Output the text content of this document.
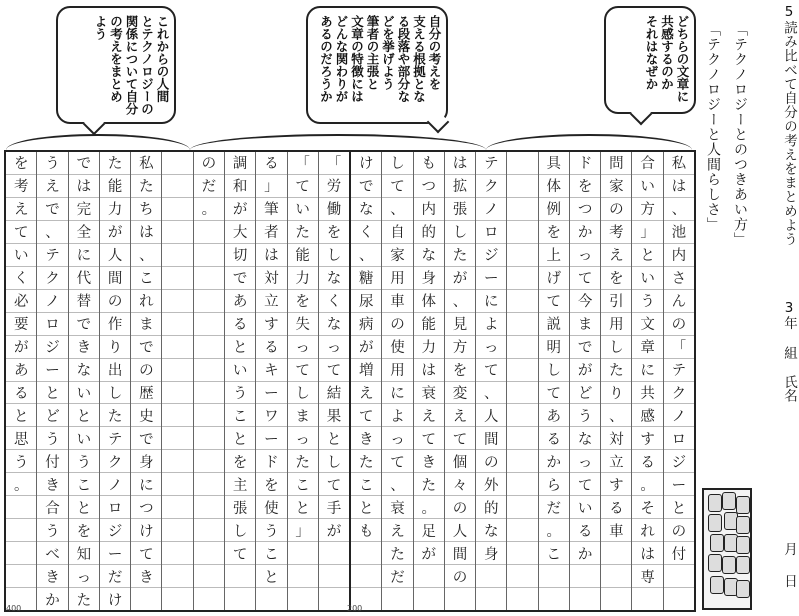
5読み比べて自分の考えをまとめよう
3年
組
氏名
月
日
「テクノロジーとのつきあい方」
「テクノロジーと人間らしさ」
どちらの文章に
共感するのか
それはなぜか
自分の考えを
支える根拠とな
る段落や部分な
どを挙げよう
筆者の主張と
文章の特徴には
どんな関わりが
あるのだろうか
これからの人間
とテクノロジーの
関係について自分
の考えをまとめ
よう
私
は
、
池
内
さ
ん
の
「
テ
ク
ノ
ロ
ジ
ー
と
の
付
合
い
方
」
と
い
う
文
章
に
共
感
す
る
。
そ
れ
は
専
問
家
の
考
え
を
引
用
し
た
り
、
対
立
す
る
車
ド
を
つ
か
っ
て
今
ま
で
が
ど
う
な
っ
て
い
る
か
具
体
例
を
上
げ
て
説
明
し
て
あ
る
か
ら
だ
。
こ
テ
ク
ノ
ロ
ジ
ー
に
よ
っ
て
、
人
間
の
外
的
な
身
は
拡
張
し
た
が
、
見
方
を
変
え
て
個
々
の
人
間
の
も
つ
内
的
な
身
体
能
力
は
衰
え
て
き
た
。
足
が
し
て
、
自
家
用
車
の
使
用
に
よ
っ
て
、
衰
え
た
だ
け
で
な
く
、
糖
尿
病
が
増
え
て
き
た
こ
と
も
「
労
働
を
し
な
く
な
っ
て
結
果
と
し
て
手
が
「
て
い
た
能
力
を
失
っ
て
し
ま
っ
た
こ
と
」
る
」
筆
者
は
対
立
す
る
キ
ー
ワ
ー
ド
を
使
う
こ
と
調
和
が
大
切
で
あ
る
と
い
う
こ
と
を
主
張
し
て
の
だ
。
私
た
ち
は
、
こ
れ
ま
で
の
歴
史
で
身
に
つ
け
て
き
た
能
力
が
人
間
の
作
り
出
し
た
テ
ク
ノ
ロ
ジ
ー
だ
け
で
は
完
全
に
代
替
で
き
な
い
と
い
う
こ
と
を
知
っ
た
う
え
で
、
テ
ク
ノ
ロ
ジ
ー
と
ど
う
付
き
合
う
べ
き
か
を
考
え
て
い
く
必
要
が
あ
る
と
思
う
。
400	200
